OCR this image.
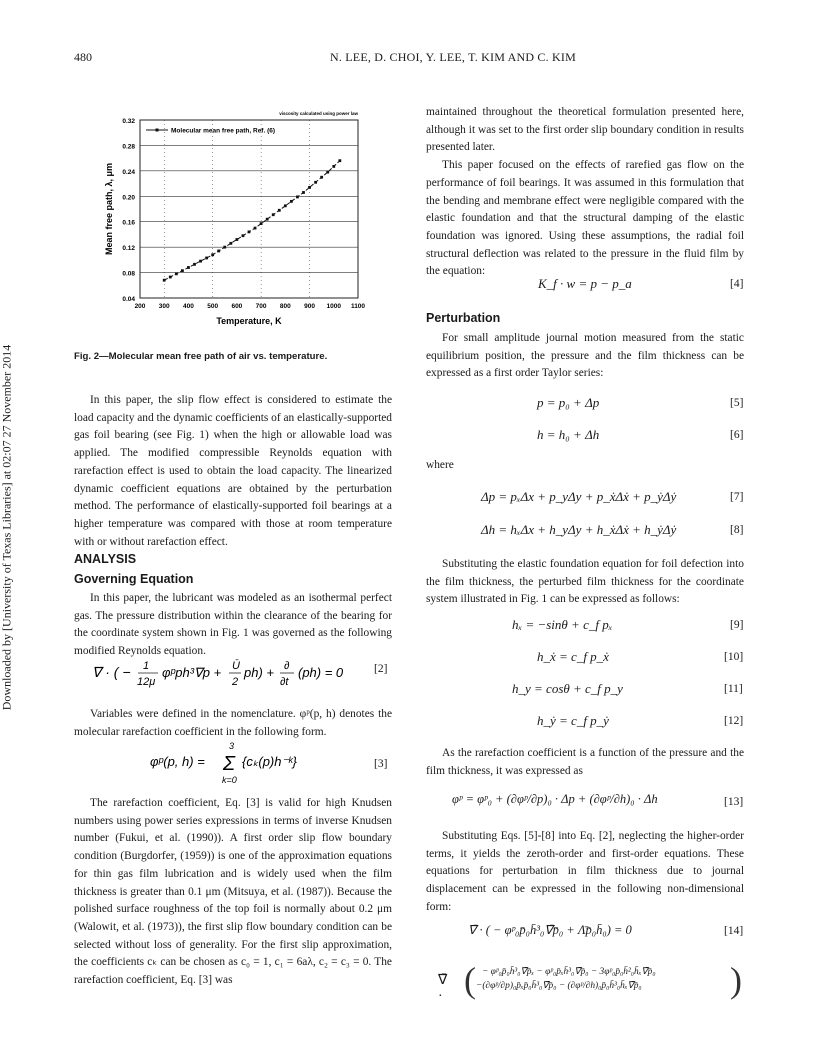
480	N. LEE, D. CHOI, Y. LEE, T. KIM AND C. KIM
Downloaded by [University of Texas Libraries] at 02:07 27 November 2014
0.04
0.08
0.12
0.16
0.20
0.24
0.28
0.32
200 300 400 500 600 700 800 900 1000 1100
Temperature, K
Mean free path, λ, μm
viscosity calculated using power law
Molecular mean free path, Ref. (6)
Fig. 2—Molecular mean free path of air vs. temperature.

In this paper, the slip flow effect is considered to estimate the load capacity and the dynamic coefficients of an elastically-supported gas foil bearing (see Fig. 1) when the high or allowable load was applied. The modified compressible Reynolds equation with rarefaction effect is used to obtain the load capacity. The linearized dynamic coefficient equations are obtained by the perturbation method. The performance of elastically-supported foil bearings at a higher temperature was compared with those at room temperature with or without rarefaction effect.

ANALYSIS
Governing Equation

In this paper, the lubricant was modeled as an isothermal perfect gas. The pressure distribution within the clearance of the bearing for the coordinate system shown in Fig. 1 was governed as the following modified Reynolds equation.

∇ · ( − 1
12μ
φᵖph³∇p + Ū
2
ph) + ∂
∂t
(ph) = 0	[2]

Variables were defined in the nomenclature. φᵖ(p, h) denotes the molecular rarefaction coefficient in the following form.

φᵖ(p, h) =
3
Σ
k=0
{cₖ(p)h⁻ᵏ}	[3]

The rarefaction coefficient, Eq. [3] is valid for high Knudsen numbers using power series expressions in terms of inverse Knudsen number (Fukui, et al. (1990)). A first order slip flow boundary condition (Burgdorfer, (1959)) is one of the approximation equations for thin gas film lubrication and is widely used when the film thickness is greater than 0.1 μm (Mitsuya, et al. (1987)). Because the polished surface roughness of the top foil is normally about 0.2 μm (Walowit, et al. (1973)), the first slip flow boundary condition can be selected without loss of generality. For the first slip approximation, the coefficients cₖ can be chosen as c₀ = 1, c₁ = 6aλ, c₂ = c₃ = 0. The rarefaction coefficient, Eq. [3] was

maintained throughout the theoretical formulation presented here, although it was set to the first order slip boundary condition in results presented later.

This paper focused on the effects of rarefied gas flow on the performance of foil bearings. It was assumed in this formulation that the bending and membrane effect were negligible compared with the elastic foundation and that the structural damping of the elastic foundation was ignored. Using these assumptions, the radial foil structural deflection was related to the pressure in the fluid film by the equation:

K_f · w = p − p_a	[4]
Perturbation

For small amplitude journal motion measured from the static equilibrium position, the pressure and the film thickness can be expressed as a first order Taylor series:

p = p₀ + Δp	[5]
h = h₀ + Δh	[6]
where
Δp = pₓΔx + p_yΔy + p_ẋΔẋ + p_ẏΔẏ	[7]
Δh = hₓΔx + h_yΔy + h_ẋΔẋ + h_ẏΔẏ	[8]

Substituting the elastic foundation equation for foil defection into the film thickness, the perturbed film thickness for the coordinate system illustrated in Fig. 1 can be expressed as follows:

hₓ = −sinθ + c_f pₓ	[9]
h_ẋ = c_f p_ẋ	[10]
h_y = cosθ + c_f p_y	[11]
h_ẏ = c_f p_ẏ	[12]

As the rarefaction coefficient is a function of the pressure and the film thickness, it was expressed as

φᵖ = φᵖ₀ + (∂φᵖ/∂p)₀ · Δp + (∂φᵖ/∂h)₀ · Δh	[13]

Substituting Eqs. [5]-[8] into Eq. [2], neglecting the higher-order terms, it yields the zeroth-order and first-order equations. These equations for perturbation in film thickness due to journal displacement can be expressed in the following non-dimensional form:

∇̄ · ( − φᵖ₀p̄₀h̄³₀∇̄p̄₀ + Λ̄p̄₀h̄₀) = 0	[14]
∇̄ · ( − φᵖ₀p̄₀h̄³₀∇̄p̄ₓ − φᵖ₀p̄ₓh̄³₀∇̄p̄₀ − 3φᵖ₀p̄₀h̄²₀h̄ₓ∇̄p̄₀
−(∂φᵖ/∂p)₀p̄ₓp̄₀h̄³₀∇̄p̄₀ − (∂φᵖ/∂h)₀p̄₀h̄³₀h̄ₓ∇̄p̄₀ )
